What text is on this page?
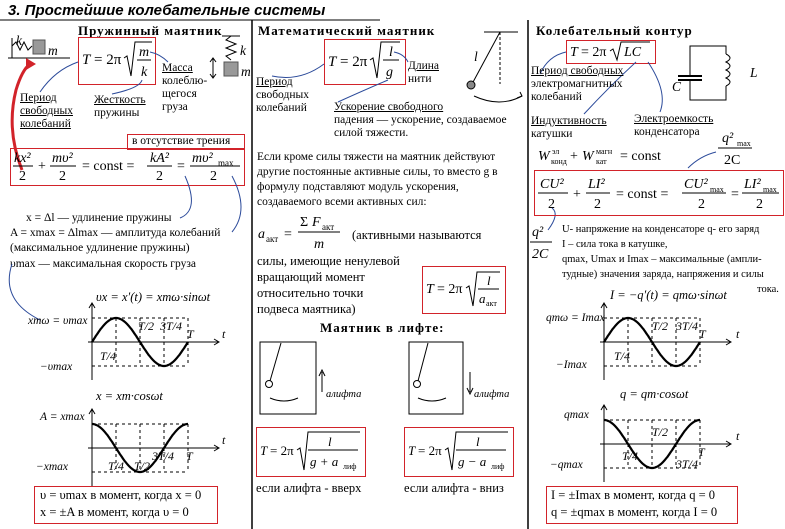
3. Простейшие колебательные системы
Пружинный маятник	Математический маятник	Колебательный контур
k
m	k
m
T = 2π m
k
Период
свободных
колебаний
Жесткость
пружины
Масса
колеблю-
щегося
груза
в отсутствие трения
kx²
2
+
mυ²
2
= const =
kA²
2
=
mυ² max
2
x = Δl — удлинение пружины
A = xmax = Δlmax — амплитуда колебаний
(максимальное удлинение пружины)
υmax — максимальная скорость груза
υx = x′(t) = xmω·sinωt
xmω = υmax
−υmax
t
T
T/2 3T/4
T/4
x = xm·cosωt
A = xmax
−xmax
t
T
T/4 T/2
3T/4
υ = υmax в момент, когда x = 0
x = ±A в момент, когда υ = 0
T = 2π
l
g Длина
нити
Период
свободных
колебаний Ускорение свободного
падения — ускорение, создаваемое
силой тяжести.
l
Если кроме силы тяжести на маятник действуют
другие постоянные активные силы, то вместо g в
формулу подставляют модуль ускорения,
создаваемого всеми активных сил:
a акт =
Σ F акт
m
(активными называются
силы, имеющие ненулевой
вращающий момент
относительно точки
подвеса маятника)
T = 2π
l
a акт
Маятник в лифте:
aлифта	aлифта
T = 2π
l
g + a лиф
T = 2π
l
g − a лиф
если aлифта - вверх	если aлифта - вниз
T = 2π LC
L
C
Период свободных
электромагнитных
колебаний
Индуктивность
катушки
Электроемкость
конденсатора
W эл
конд + W магн
кат = const
q² max
2C
CU²
2
+
LI²
2
= const =
CU² max
2
=
LI² max
2
q²
2C
U- напряжение на конденсаторе q- его заряд
I – сила тока в катушке,
qmax, Umax и Imax – максимальные (ампли-
тудные) значения заряда, напряжения и силы
тока.
I = −q′(t) = qmω·sinωt
qmω = Imax
−Imax
t
T
T/2 3T/4
T/4
q = qm·cosωt
qmax
−qmax
t
T
T/4
T/2
3T/4
I = ±Imax в момент, когда q = 0
q = ±qmax в момент, когда I = 0
